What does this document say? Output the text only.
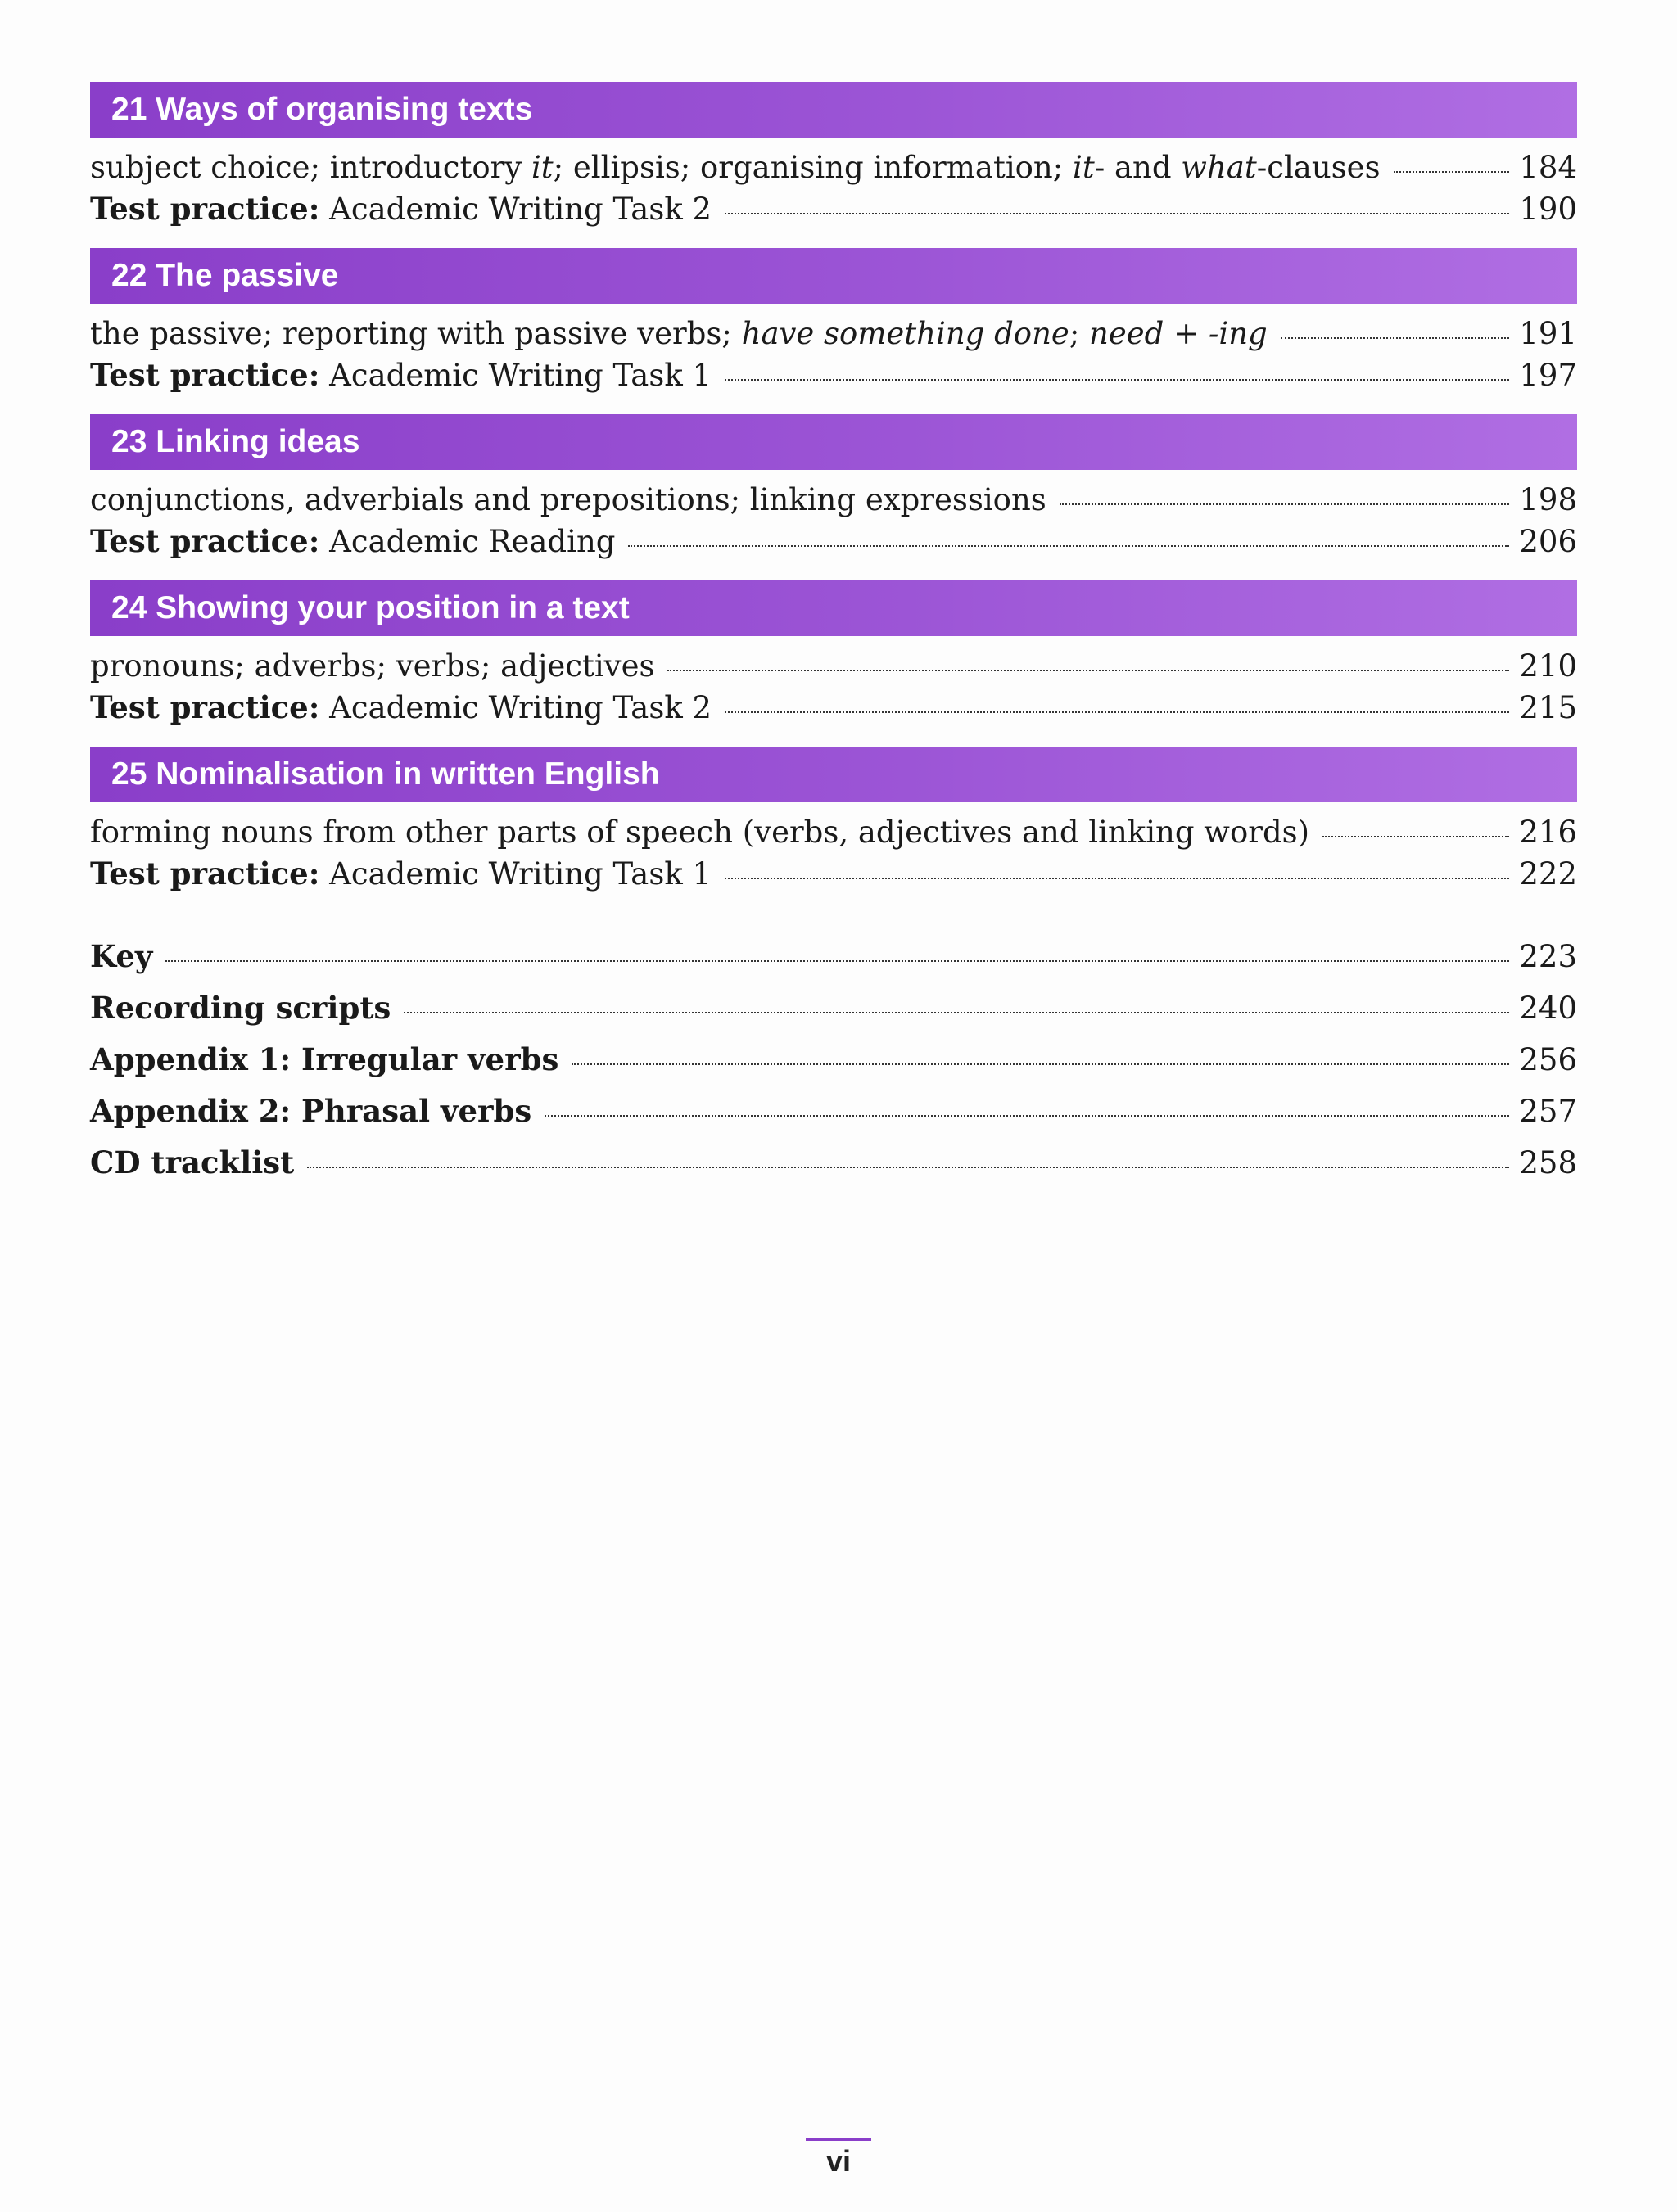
21 Ways of organising texts
subject choice; introductory it; ellipsis; organising information; it- and what-clauses	184
Test practice: Academic Writing Task 2	190
22 The passive
the passive; reporting with passive verbs; have something done; need + -ing	191
Test practice: Academic Writing Task 1	197
23 Linking ideas
conjunctions, adverbials and prepositions; linking expressions	198
Test practice: Academic Reading	206
24 Showing your position in a text
pronouns; adverbs; verbs; adjectives	210
Test practice: Academic Writing Task 2	215
25 Nominalisation in written English
forming nouns from other parts of speech (verbs, adjectives and linking words)	216
Test practice: Academic Writing Task 1	222
Key	223
Recording scripts	240
Appendix 1: Irregular verbs	256
Appendix 2: Phrasal verbs	257
CD tracklist	258
vi
